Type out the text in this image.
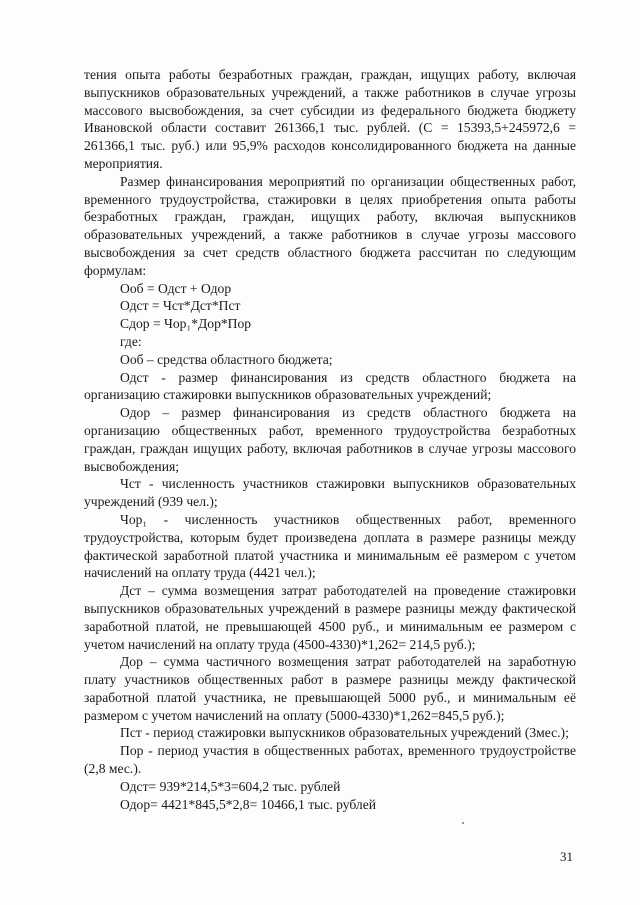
тения опыта работы безработных граждан, граждан, ищущих работу, включая выпускников образовательных учреждений, а также работников в случае угрозы массового высвобождения, за счет субсидии из федерального бюджета бюджету Ивановской области составит 261366,1 тыс. рублей. (С = 15393,5+245972,6 = 261366,1 тыс. руб.) или 95,9% расходов консолидированного бюджета на данные мероприятия.

Размер финансирования мероприятий по организации общественных работ, временного трудоустройства, стажировки в целях приобретения опыта работы безработных граждан, граждан, ищущих работу, включая выпускников образовательных учреждений, а также работников в случае угрозы массового высвобождения за счет средств областного бюджета рассчитан по следующим формулам:

Ооб = Одст + Одор

Одст = Чст*Дст*Пст

Сдор = Чор₁*Дор*Пор

где:

Ооб – средства областного бюджета;

Одст - размер финансирования из средств областного бюджета на организацию стажировки выпускников образовательных учреждений;

Одор – размер финансирования из средств областного бюджета на организацию общественных работ, временного трудоустройства безработных граждан, граждан ищущих работу, включая работников в случае угрозы массового высвобождения;

Чст - численность участников стажировки выпускников образовательных учреждений (939 чел.);

Чор₁ - численность участников общественных работ, временного трудоустройства, которым будет произведена доплата в размере разницы между фактической заработной платой участника и минимальным её размером с учетом начислений на оплату труда (4421 чел.);

Дст – сумма возмещения затрат работодателей на проведение стажировки выпускников образовательных учреждений в размере разницы между фактической заработной платой, не превышающей 4500 руб., и минимальным ее размером с учетом начислений на оплату труда (4500-4330)*1,262= 214,5 руб.);

Дор – сумма частичного возмещения затрат работодателей на заработную плату участников общественных работ в размере разницы между фактической заработной платой участника, не превышающей 5000 руб., и минимальным её размером с учетом начислений на оплату (5000-4330)*1,262=845,5 руб.);

Пст - период стажировки выпускников образовательных учреждений (3мес.);

Пор - период участия в общественных работах, временного трудоустройстве (2,8 мес.).

Одст= 939*214,5*3=604,2 тыс. рублей

Одор= 4421*845,5*2,8= 10466,1 тыс. рублей

31
